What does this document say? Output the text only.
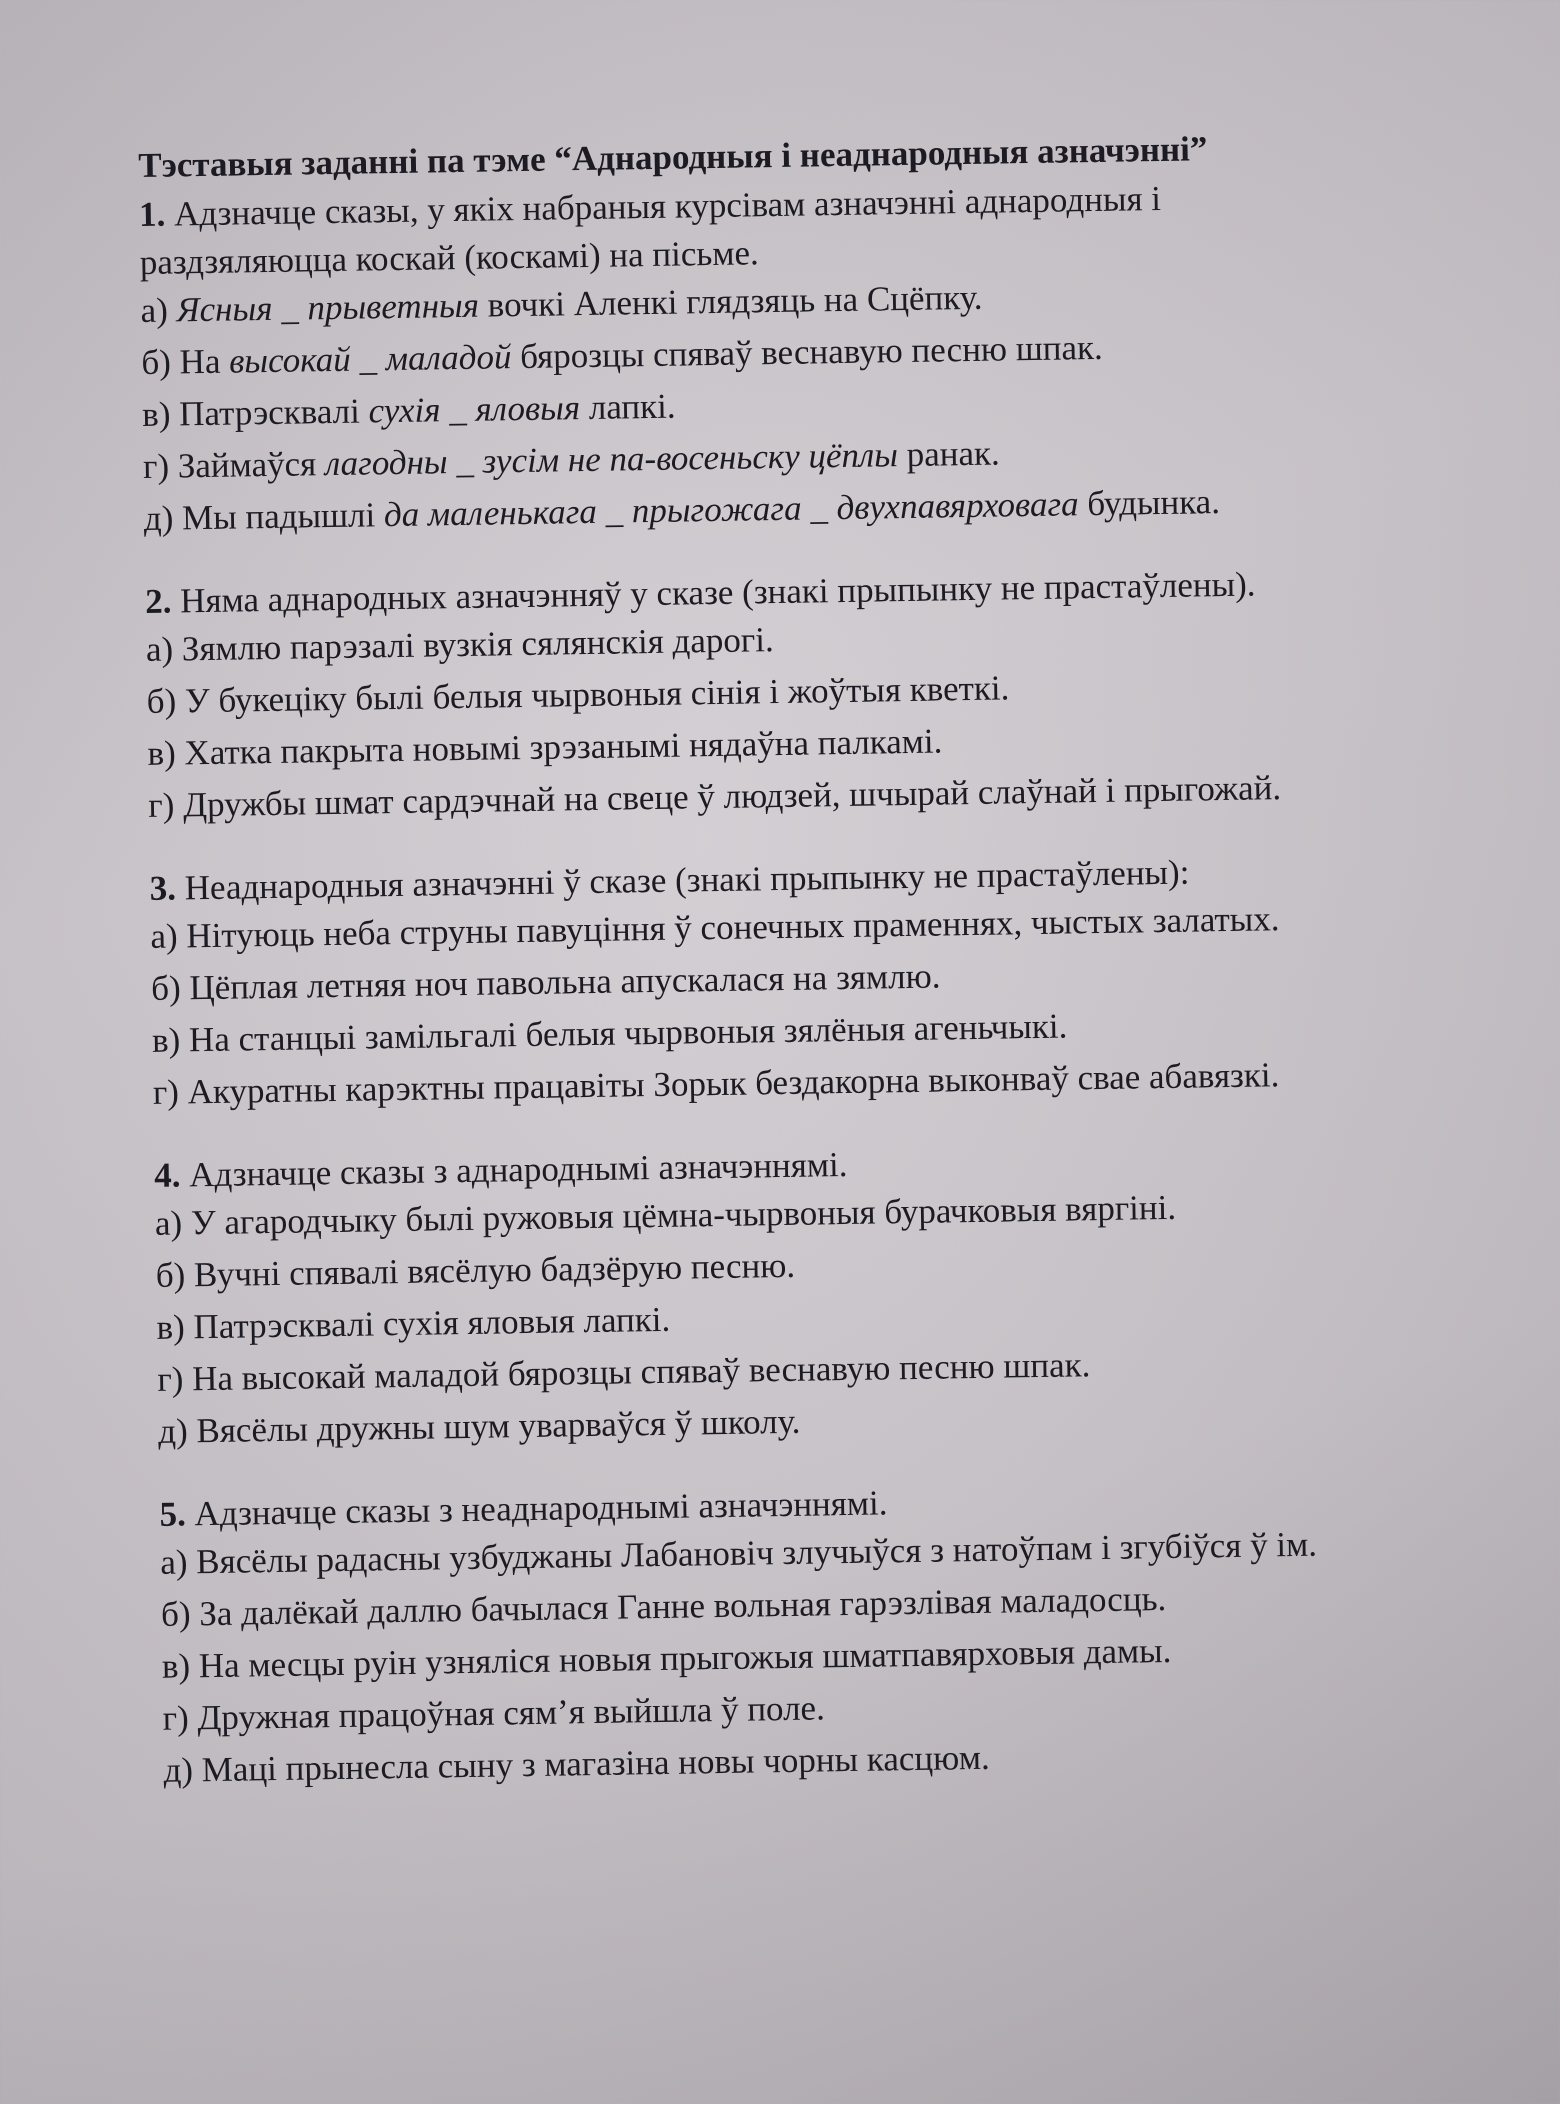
Тэставыя заданні па тэме “Аднародныя і неаднародныя азначэнні”

1. Адзначце сказы, у якіх набраныя курсівам азначэнні аднародныя і
раздзяляюцца коскай (коскамі) на пісьме.

а) Ясныя _ прыветныя вочкі Аленкі глядзяць на Сцёпку.

б) На высокай _ маладой бярозцы спяваў веснавую песню шпак.

в) Патрэсквалі сухія _ яловыя лапкі.

г) Займаўся лагодны _ зусім не па-восеньску цёплы ранак.

д) Мы падышлі да маленькага _ прыгожага _ двухпавярховага будынка.

2. Няма аднародных азначэнняў у сказе (знакі прыпынку не прастаўлены).

а) Зямлю парэзалі вузкія сялянскія дарогі.

б) У букецiку былі белыя чырвоныя сінія і жоўтыя кветкі.

в) Хатка пакрыта новымі зрэзанымі нядаўна палкамі.

г) Дружбы шмат сардэчнай на свеце ў людзей, шчырай слаўнай і прыгожай.

3. Неаднародныя азначэнні ў сказе (знакі прыпынку не прастаўлены):

а) Нітуюць неба струны павуціння ў сонечных праменнях, чыстых залатых.

б) Цёплая летняя ноч павольна апускалася на зямлю.

в) На станцыі замільгалі белыя чырвоныя зялёныя агеньчыкі.

г) Акуратны карэктны працавіты Зорык бездакорна выконваў свае абавязкі.

4. Адзначце сказы з аднароднымі азначэннямі.

а) У агародчыку былі ружовыя цёмна-чырвоныя бурачковыя вяргіні.

б) Вучні спявалі вясёлую бадзёрую песню.

в) Патрэсквалі сухія яловыя лапкі.

г) На высокай маладой бярозцы спяваў веснавую песню шпак.

д) Вясёлы дружны шум уварваўся ў школу.

5. Адзначце сказы з неаднароднымі азначэннямі.

а) Вясёлы радасны узбуджаны Лабановіч злучыўся з натоўпам і згубіўся ў ім.

б) За далёкай даллю бачылася Ганне вольная гарэзлівая маладосць.

в) На месцы руін узняліся новыя прыгожыя шматпавярховыя дамы.

г) Дружная працоўная сям’я выйшла ў поле.

д) Маці прынесла сыну з магазіна новы чорны касцюм.
